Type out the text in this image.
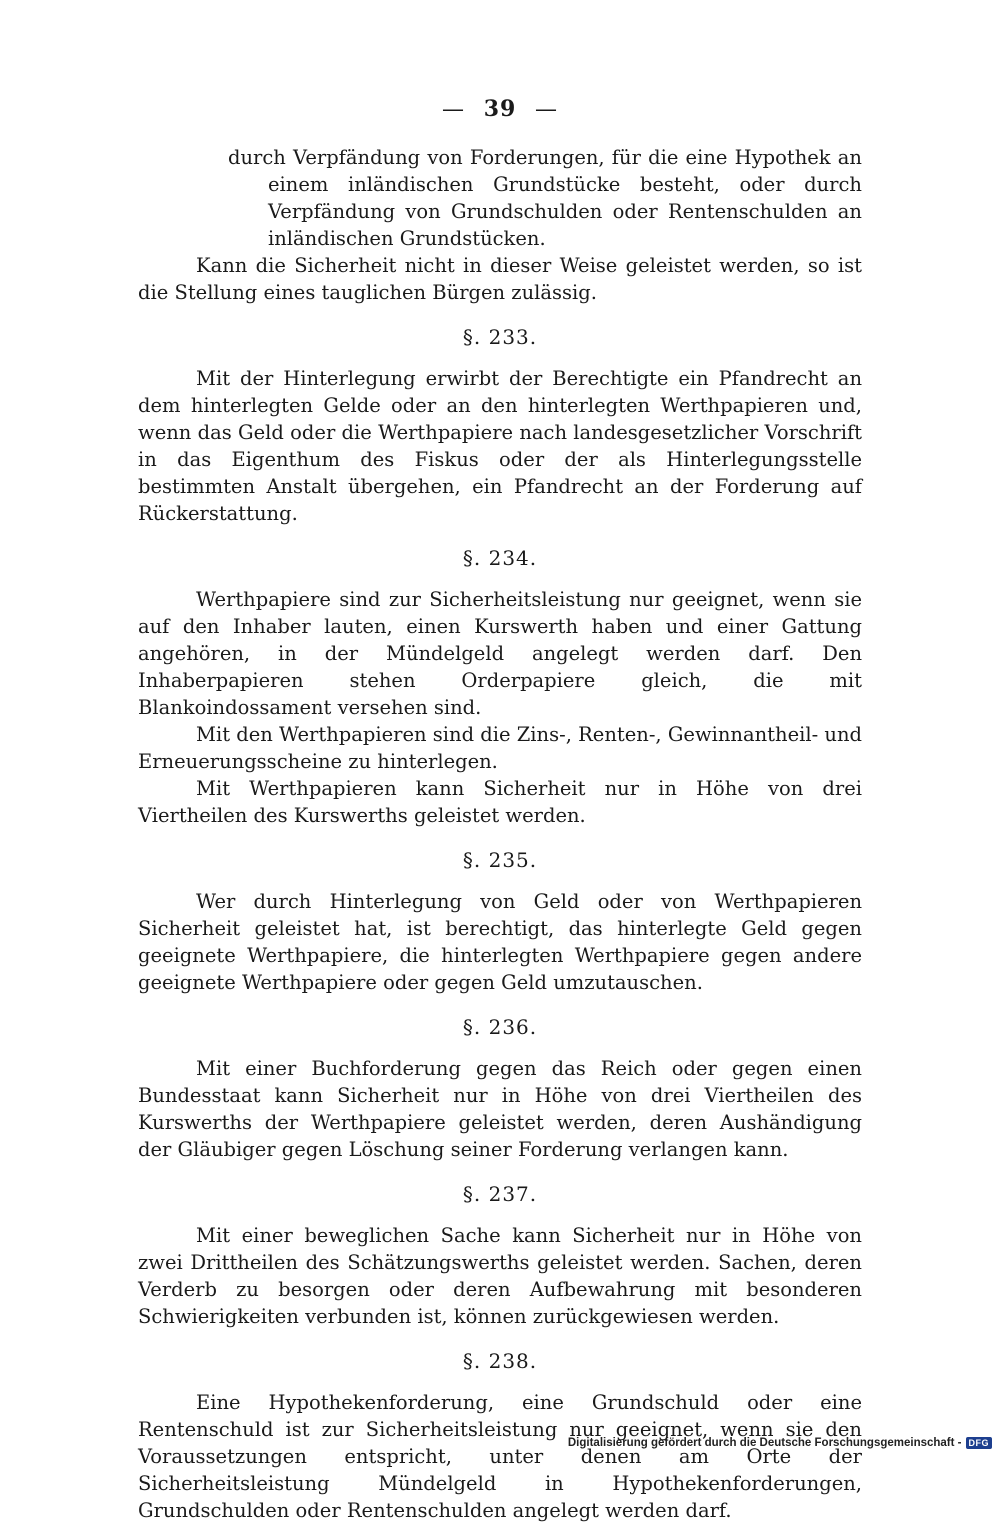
— 39 —

durch Verpfändung von Forderungen, für die eine Hypothek an einem inländischen Grundstücke besteht, oder durch Verpfändung von Grundschulden oder Rentenschulden an inländischen Grundstücken.

Kann die Sicherheit nicht in dieser Weise geleistet werden, so ist die Stellung eines tauglichen Bürgen zulässig.

§. 233.

Mit der Hinterlegung erwirbt der Berechtigte ein Pfandrecht an dem hinterlegten Gelde oder an den hinterlegten Werthpapieren und, wenn das Geld oder die Werthpapiere nach landesgesetzlicher Vorschrift in das Eigenthum des Fiskus oder der als Hinterlegungsstelle bestimmten Anstalt übergehen, ein Pfandrecht an der Forderung auf Rückerstattung.

§. 234.

Werthpapiere sind zur Sicherheitsleistung nur geeignet, wenn sie auf den Inhaber lauten, einen Kurswerth haben und einer Gattung angehören, in der Mündelgeld angelegt werden darf. Den Inhaberpapieren stehen Orderpapiere gleich, die mit Blankoindossament versehen sind.

Mit den Werthpapieren sind die Zins-, Renten-, Gewinnantheil- und Erneuerungsscheine zu hinterlegen.

Mit Werthpapieren kann Sicherheit nur in Höhe von drei Viertheilen des Kurswerths geleistet werden.

§. 235.

Wer durch Hinterlegung von Geld oder von Werthpapieren Sicherheit geleistet hat, ist berechtigt, das hinterlegte Geld gegen geeignete Werthpapiere, die hinterlegten Werthpapiere gegen andere geeignete Werthpapiere oder gegen Geld umzutauschen.

§. 236.

Mit einer Buchforderung gegen das Reich oder gegen einen Bundesstaat kann Sicherheit nur in Höhe von drei Viertheilen des Kurswerths der Werthpapiere geleistet werden, deren Aushändigung der Gläubiger gegen Löschung seiner Forderung verlangen kann.

§. 237.

Mit einer beweglichen Sache kann Sicherheit nur in Höhe von zwei Drittheilen des Schätzungswerths geleistet werden. Sachen, deren Verderb zu besorgen oder deren Aufbewahrung mit besonderen Schwierigkeiten verbunden ist, können zurückgewiesen werden.

§. 238.

Eine Hypothekenforderung, eine Grundschuld oder eine Rentenschuld ist zur Sicherheitsleistung nur geeignet, wenn sie den Voraussetzungen entspricht, unter denen am Orte der Sicherheitsleistung Mündelgeld in Hypothekenforderungen, Grundschulden oder Rentenschulden angelegt werden darf.

Digitalisierung gefördert durch die Deutsche Forschungsgemeinschaft - DFG
